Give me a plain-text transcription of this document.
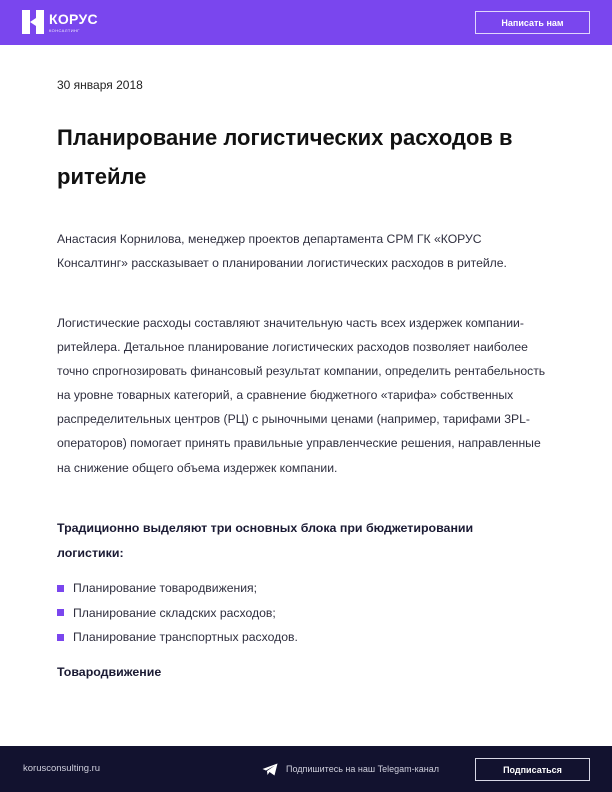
КОРУС
КОНСАЛТИНГ
Написать нам
30 января 2018
Планирование логистических расходов в ритейле

Анастасия Корнилова, менеджер проектов департамента СРМ ГК «КОРУС Консалтинг» рассказывает о планировании логистических расходов в ритейле.

Логистические расходы составляют значительную часть всех издержек компании-ритейлера. Детальное планирование логистических расходов позволяет наиболее точно спрогнозировать финансовый результат компании, определить рентабельность на уровне товарных категорий, а сравнение бюджетного «тарифа» собственных распределительных центров (РЦ) с рыночными ценами (например, тарифами 3PL-операторов) помогает принять правильные управленческие решения, направленные на снижение общего объема издержек компании.

Традиционно выделяют три основных блока при бюджетировании логистики:
Планирование товародвижения;
Планирование складских расходов;
Планирование транспортных расходов.
Товародвижение
korusconsulting.ru	Подпишитесь на наш Telegam-канал	Подписаться
